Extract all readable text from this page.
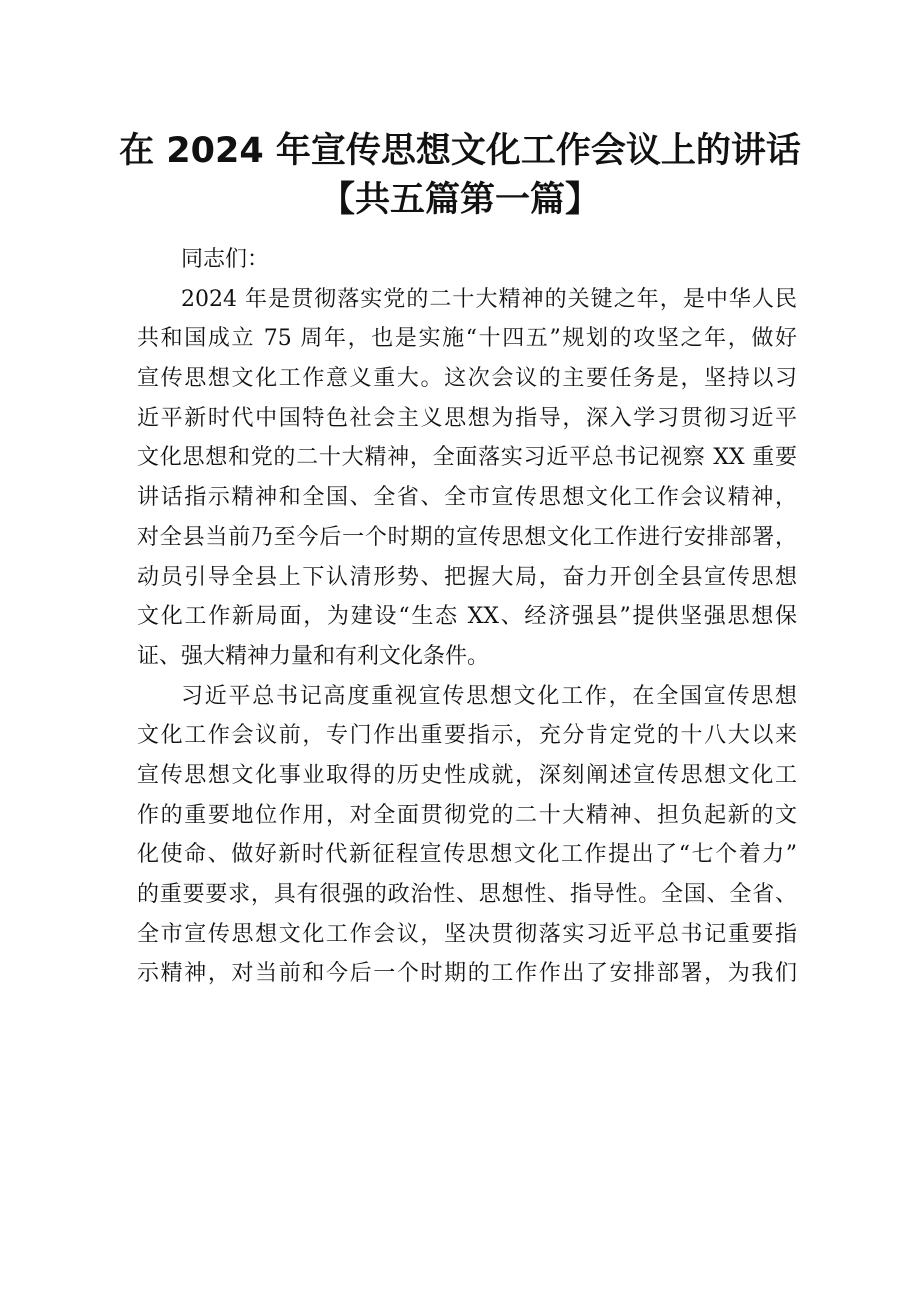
在 2024 年宣传思想文化工作会议上的讲话
【共五篇第一篇】
同志们：
2024 年是贯彻落实党的二十大精神的关键之年，是中华人民
共和国成立 75 周年，也是实施“十四五”规划的攻坚之年，做好
宣传思想文化工作意义重大。这次会议的主要任务是，坚持以习
近平新时代中国特色社会主义思想为指导，深入学习贯彻习近平
文化思想和党的二十大精神，全面落实习近平总书记视察 XX 重要
讲话指示精神和全国、全省、全市宣传思想文化工作会议精神，
对全县当前乃至今后一个时期的宣传思想文化工作进行安排部署，
动员引导全县上下认清形势、把握大局，奋力开创全县宣传思想
文化工作新局面，为建设“生态 XX、经济强县”提供坚强思想保
证、强大精神力量和有利文化条件。
习近平总书记高度重视宣传思想文化工作，在全国宣传思想
文化工作会议前，专门作出重要指示，充分肯定党的十八大以来
宣传思想文化事业取得的历史性成就，深刻阐述宣传思想文化工
作的重要地位作用，对全面贯彻党的二十大精神、担负起新的文
化使命、做好新时代新征程宣传思想文化工作提出了“七个着力”
的重要要求，具有很强的政治性、思想性、指导性。全国、全省、
全市宣传思想文化工作会议，坚决贯彻落实习近平总书记重要指
示精神，对当前和今后一个时期的工作作出了安排部署，为我们
